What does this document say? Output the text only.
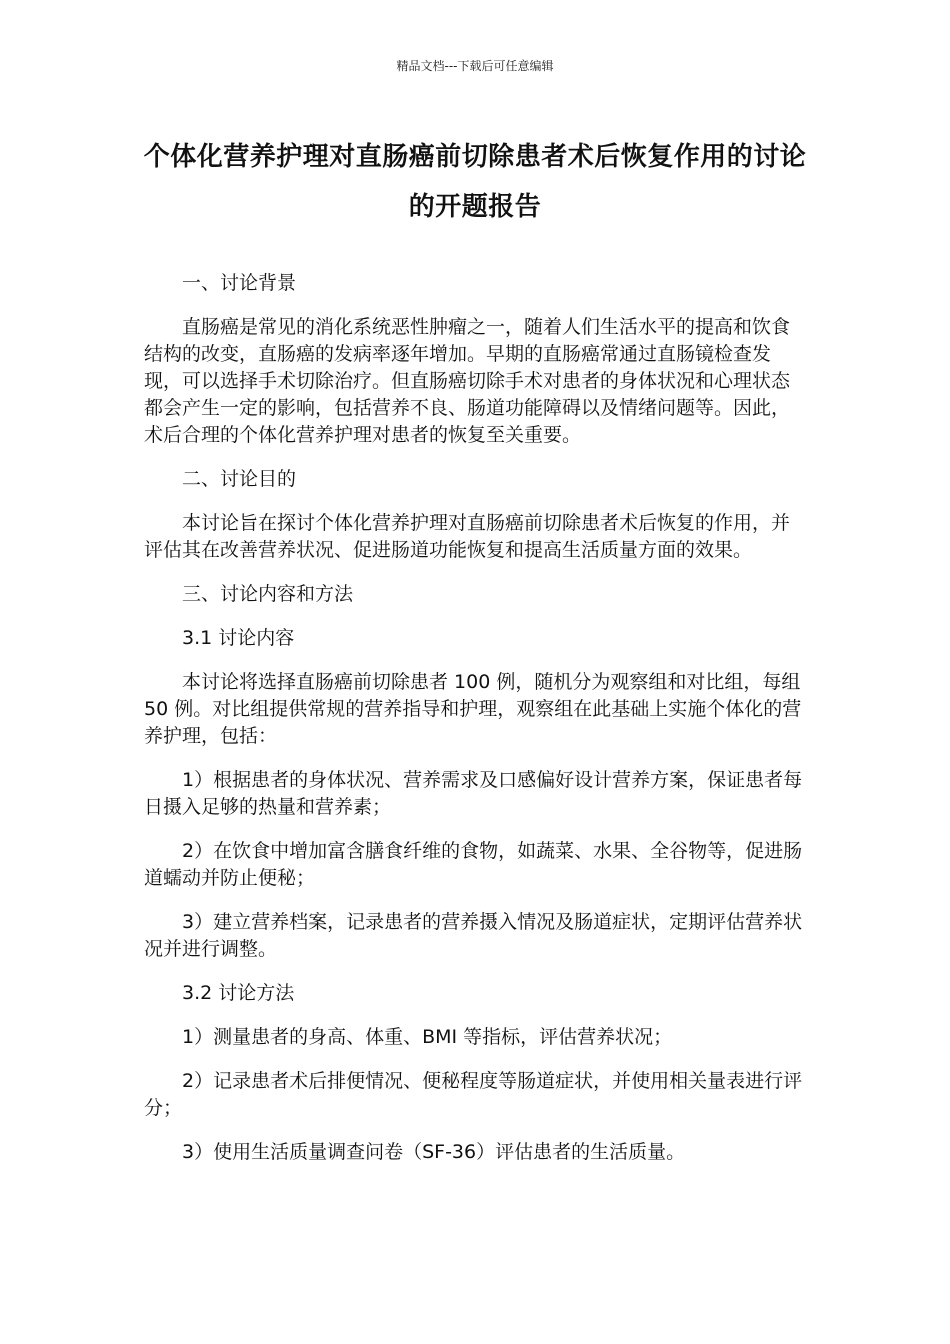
精品文档---下载后可任意编辑
个体化营养护理对直肠癌前切除患者术后恢复作用的讨论的开题报告

一、讨论背景

直肠癌是常见的消化系统恶性肿瘤之一，随着人们生活水平的提高和饮食结构的改变，直肠癌的发病率逐年增加。早期的直肠癌常通过直肠镜检查发现，可以选择手术切除治疗。但直肠癌切除手术对患者的身体状况和心理状态都会产生一定的影响，包括营养不良、肠道功能障碍以及情绪问题等。因此，术后合理的个体化营养护理对患者的恢复至关重要。

二、讨论目的

本讨论旨在探讨个体化营养护理对直肠癌前切除患者术后恢复的作用，并评估其在改善营养状况、促进肠道功能恢复和提高生活质量方面的效果。

三、讨论内容和方法

3.1 讨论内容

本讨论将选择直肠癌前切除患者 100 例，随机分为观察组和对比组，每组 50 例。对比组提供常规的营养指导和护理，观察组在此基础上实施个体化的营养护理，包括：

1）根据患者的身体状况、营养需求及口感偏好设计营养方案，保证患者每日摄入足够的热量和营养素；

2）在饮食中增加富含膳食纤维的食物，如蔬菜、水果、全谷物等，促进肠道蠕动并防止便秘；

3）建立营养档案，记录患者的营养摄入情况及肠道症状，定期评估营养状况并进行调整。

3.2 讨论方法

1）测量患者的身高、体重、BMI 等指标，评估营养状况；

2）记录患者术后排便情况、便秘程度等肠道症状，并使用相关量表进行评分；

3）使用生活质量调查问卷（SF-36）评估患者的生活质量。
